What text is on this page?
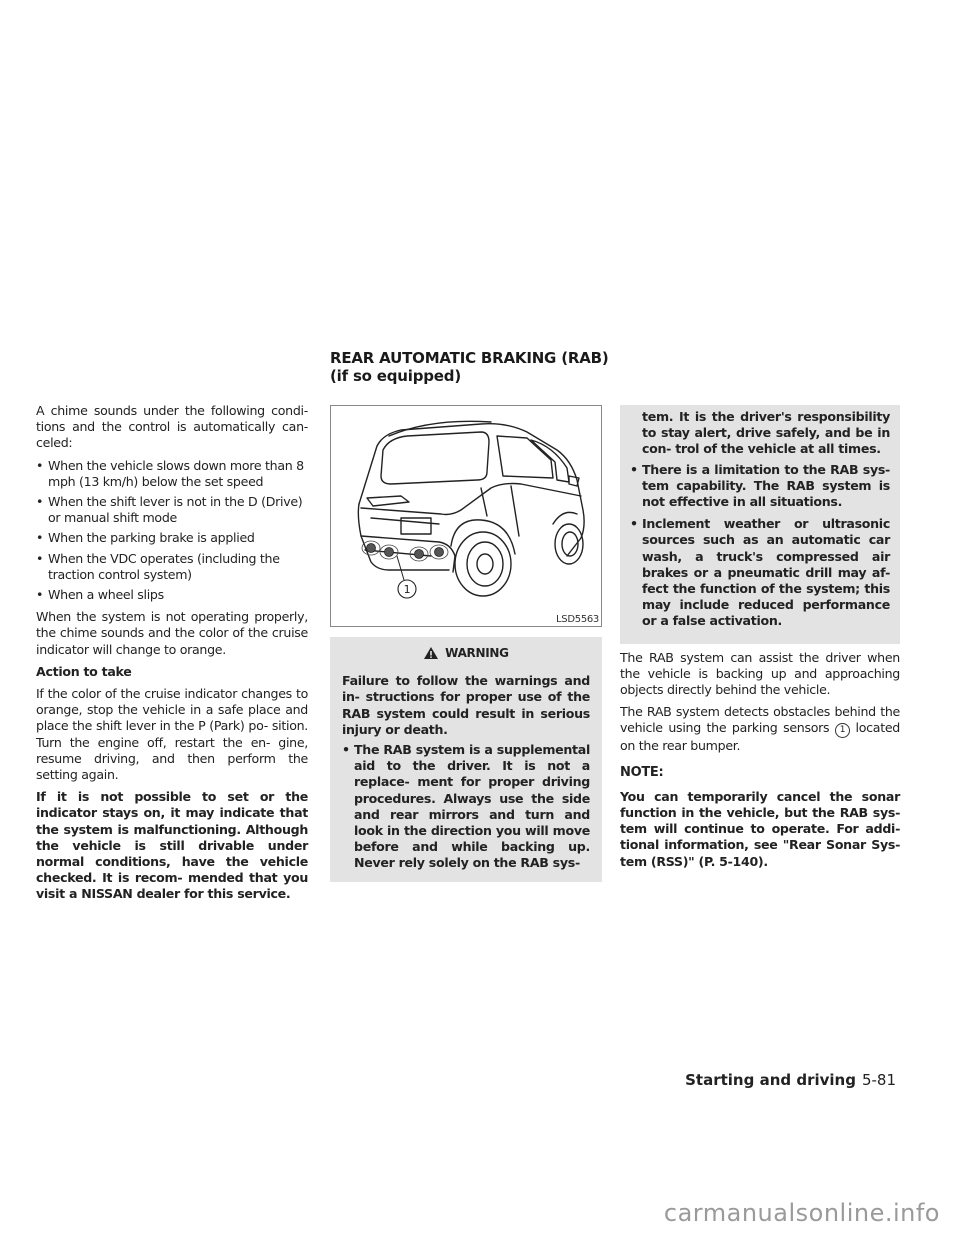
A chime sounds under the following condi- tions and the control is automatically can- celed:

• When the vehicle slows down more than 8 mph (13 km/h) below the set speed
• When the shift lever is not in the D (Drive) or manual shift mode
• When the parking brake is applied
• When the VDC operates (including the traction control system)
• When a wheel slips

When the system is not operating properly, the chime sounds and the color of the cruise indicator will change to orange.

Action to take

If the color of the cruise indicator changes to orange, stop the vehicle in a safe place and place the shift lever in the P (Park) po- sition. Turn the engine off, restart the en- gine, resume driving, and then perform the setting again.

If it is not possible to set or the indicator stays on, it may indicate that the system is malfunctioning. Although the vehicle is still drivable under normal conditions, have the vehicle checked. It is recom- mended that you visit a NISSAN dealer for this service.

REAR AUTOMATIC BRAKING (RAB) (if so equipped)
1
LSD5563
WARNING

Failure to follow the warnings and in- structions for proper use of the RAB system could result in serious injury or death.

• The RAB system is a supplemental aid to the driver. It is not a replace- ment for proper driving procedures. Always use the side and rear mirrors and turn and look in the direction you will move before and while backing up. Never rely solely on the RAB sys-

tem. It is the driver's responsibility to stay alert, drive safely, and be in con- trol of the vehicle at all times.

• There is a limitation to the RAB sys- tem capability. The RAB system is not effective in all situations.
• Inclement weather or ultrasonic sources such as an automatic car wash, a truck's compressed air brakes or a pneumatic drill may af- fect the function of the system; this may include reduced performance or a false activation.

The RAB system can assist the driver when the vehicle is backing up and approaching objects directly behind the vehicle.

The RAB system detects obstacles behind the vehicle using the parking sensors 1 located on the rear bumper.

NOTE:

You can temporarily cancel the sonar function in the vehicle, but the RAB sys- tem will continue to operate. For addi- tional information, see "Rear Sonar Sys- tem (RSS)" (P. 5-140).

Starting and driving 5-81
carmanualsonline.info
